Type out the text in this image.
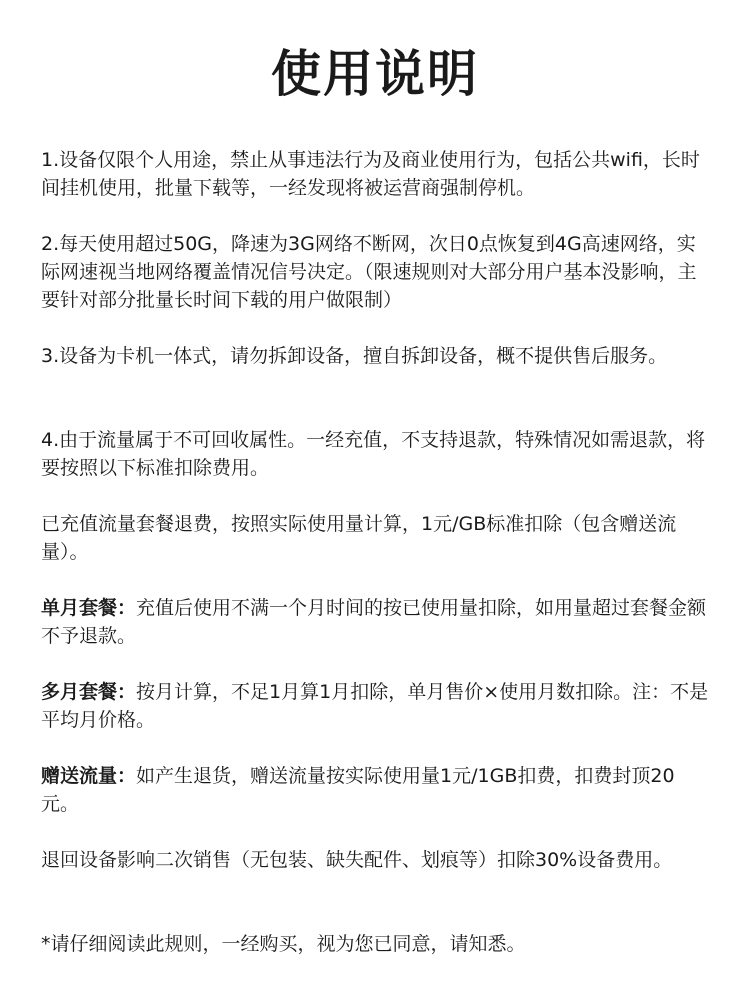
使用说明

1.设备仅限个人用途，禁止从事违法行为及商业使用行为，包括公共wifi，长时间挂机使用，批量下载等，一经发现将被运营商强制停机。

2.每天使用超过50G，降速为3G网络不断网，次日0点恢复到4G高速网络，实际网速视当地网络覆盖情况信号决定。（限速规则对大部分用户基本没影响，主要针对部分批量长时间下载的用户做限制）

3.设备为卡机一体式，请勿拆卸设备，擅自拆卸设备，概不提供售后服务。

4.由于流量属于不可回收属性。一经充值，不支持退款，特殊情况如需退款，将要按照以下标准扣除费用。

已充值流量套餐退费，按照实际使用量计算，1元/GB标准扣除（包含赠送流量）。

单月套餐：充值后使用不满一个月时间的按已使用量扣除，如用量超过套餐金额不予退款。

多月套餐：按月计算，不足1月算1月扣除，单月售价×使用月数扣除。注：不是平均月价格。

赠送流量：如产生退货，赠送流量按实际使用量1元/1GB扣费，扣费封顶20元。

退回设备影响二次销售（无包装、缺失配件、划痕等）扣除30%设备费用。

*请仔细阅读此规则，一经购买，视为您已同意，请知悉。
